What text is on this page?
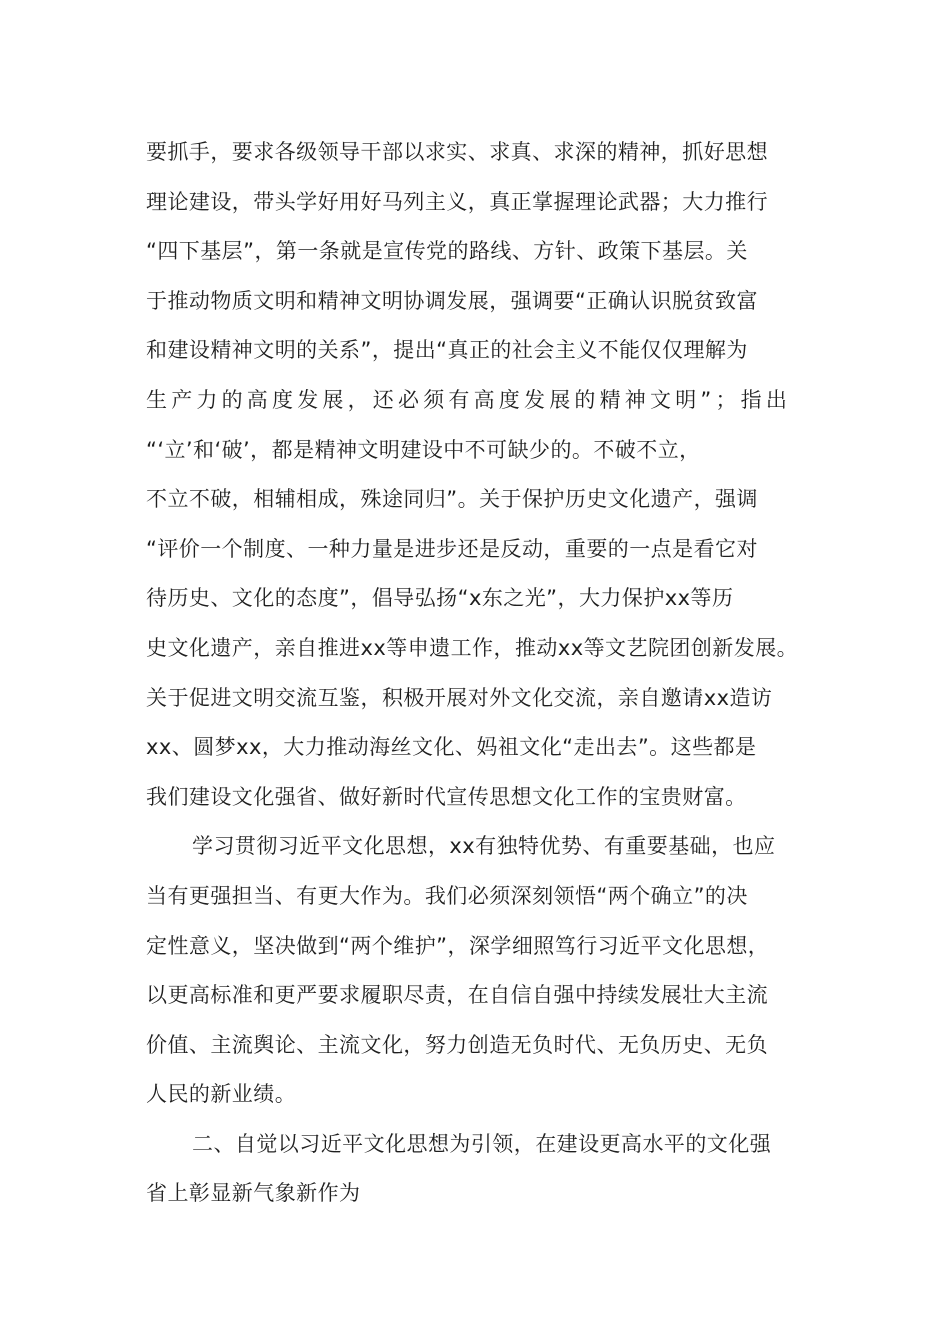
要抓手，要求各级领导干部以求实、求真、求深的精神，抓好思想
理论建设，带头学好用好马列主义，真正掌握理论武器；大力推行
“四下基层”，第一条就是宣传党的路线、方针、政策下基层。关
于推动物质文明和精神文明协调发展，强调要“正确认识脱贫致富
和建设精神文明的关系”，提出“真正的社会主义不能仅仅理解为
生产力的高度发展，还必须有高度发展的精神文明”；指出
“‘立’和‘破’，都是精神文明建设中不可缺少的。不破不立，
不立不破，相辅相成，殊途同归”。关于保护历史文化遗产，强调
“评价一个制度、一种力量是进步还是反动，重要的一点是看它对
待历史、文化的态度”，倡导弘扬“x东之光”，大力保护xx等历
史文化遗产，亲自推进xx等申遗工作，推动xx等文艺院团创新发展。
关于促进文明交流互鉴，积极开展对外文化交流，亲自邀请xx造访
xx、圆梦xx，大力推动海丝文化、妈祖文化“走出去”。这些都是
我们建设文化强省、做好新时代宣传思想文化工作的宝贵财富。
学习贯彻习近平文化思想，xx有独特优势、有重要基础，也应
当有更强担当、有更大作为。我们必须深刻领悟“两个确立”的决
定性意义，坚决做到“两个维护”，深学细照笃行习近平文化思想，
以更高标准和更严要求履职尽责，在自信自强中持续发展壮大主流
价值、主流舆论、主流文化，努力创造无负时代、无负历史、无负
人民的新业绩。
二、自觉以习近平文化思想为引领，在建设更高水平的文化强
省上彰显新气象新作为
